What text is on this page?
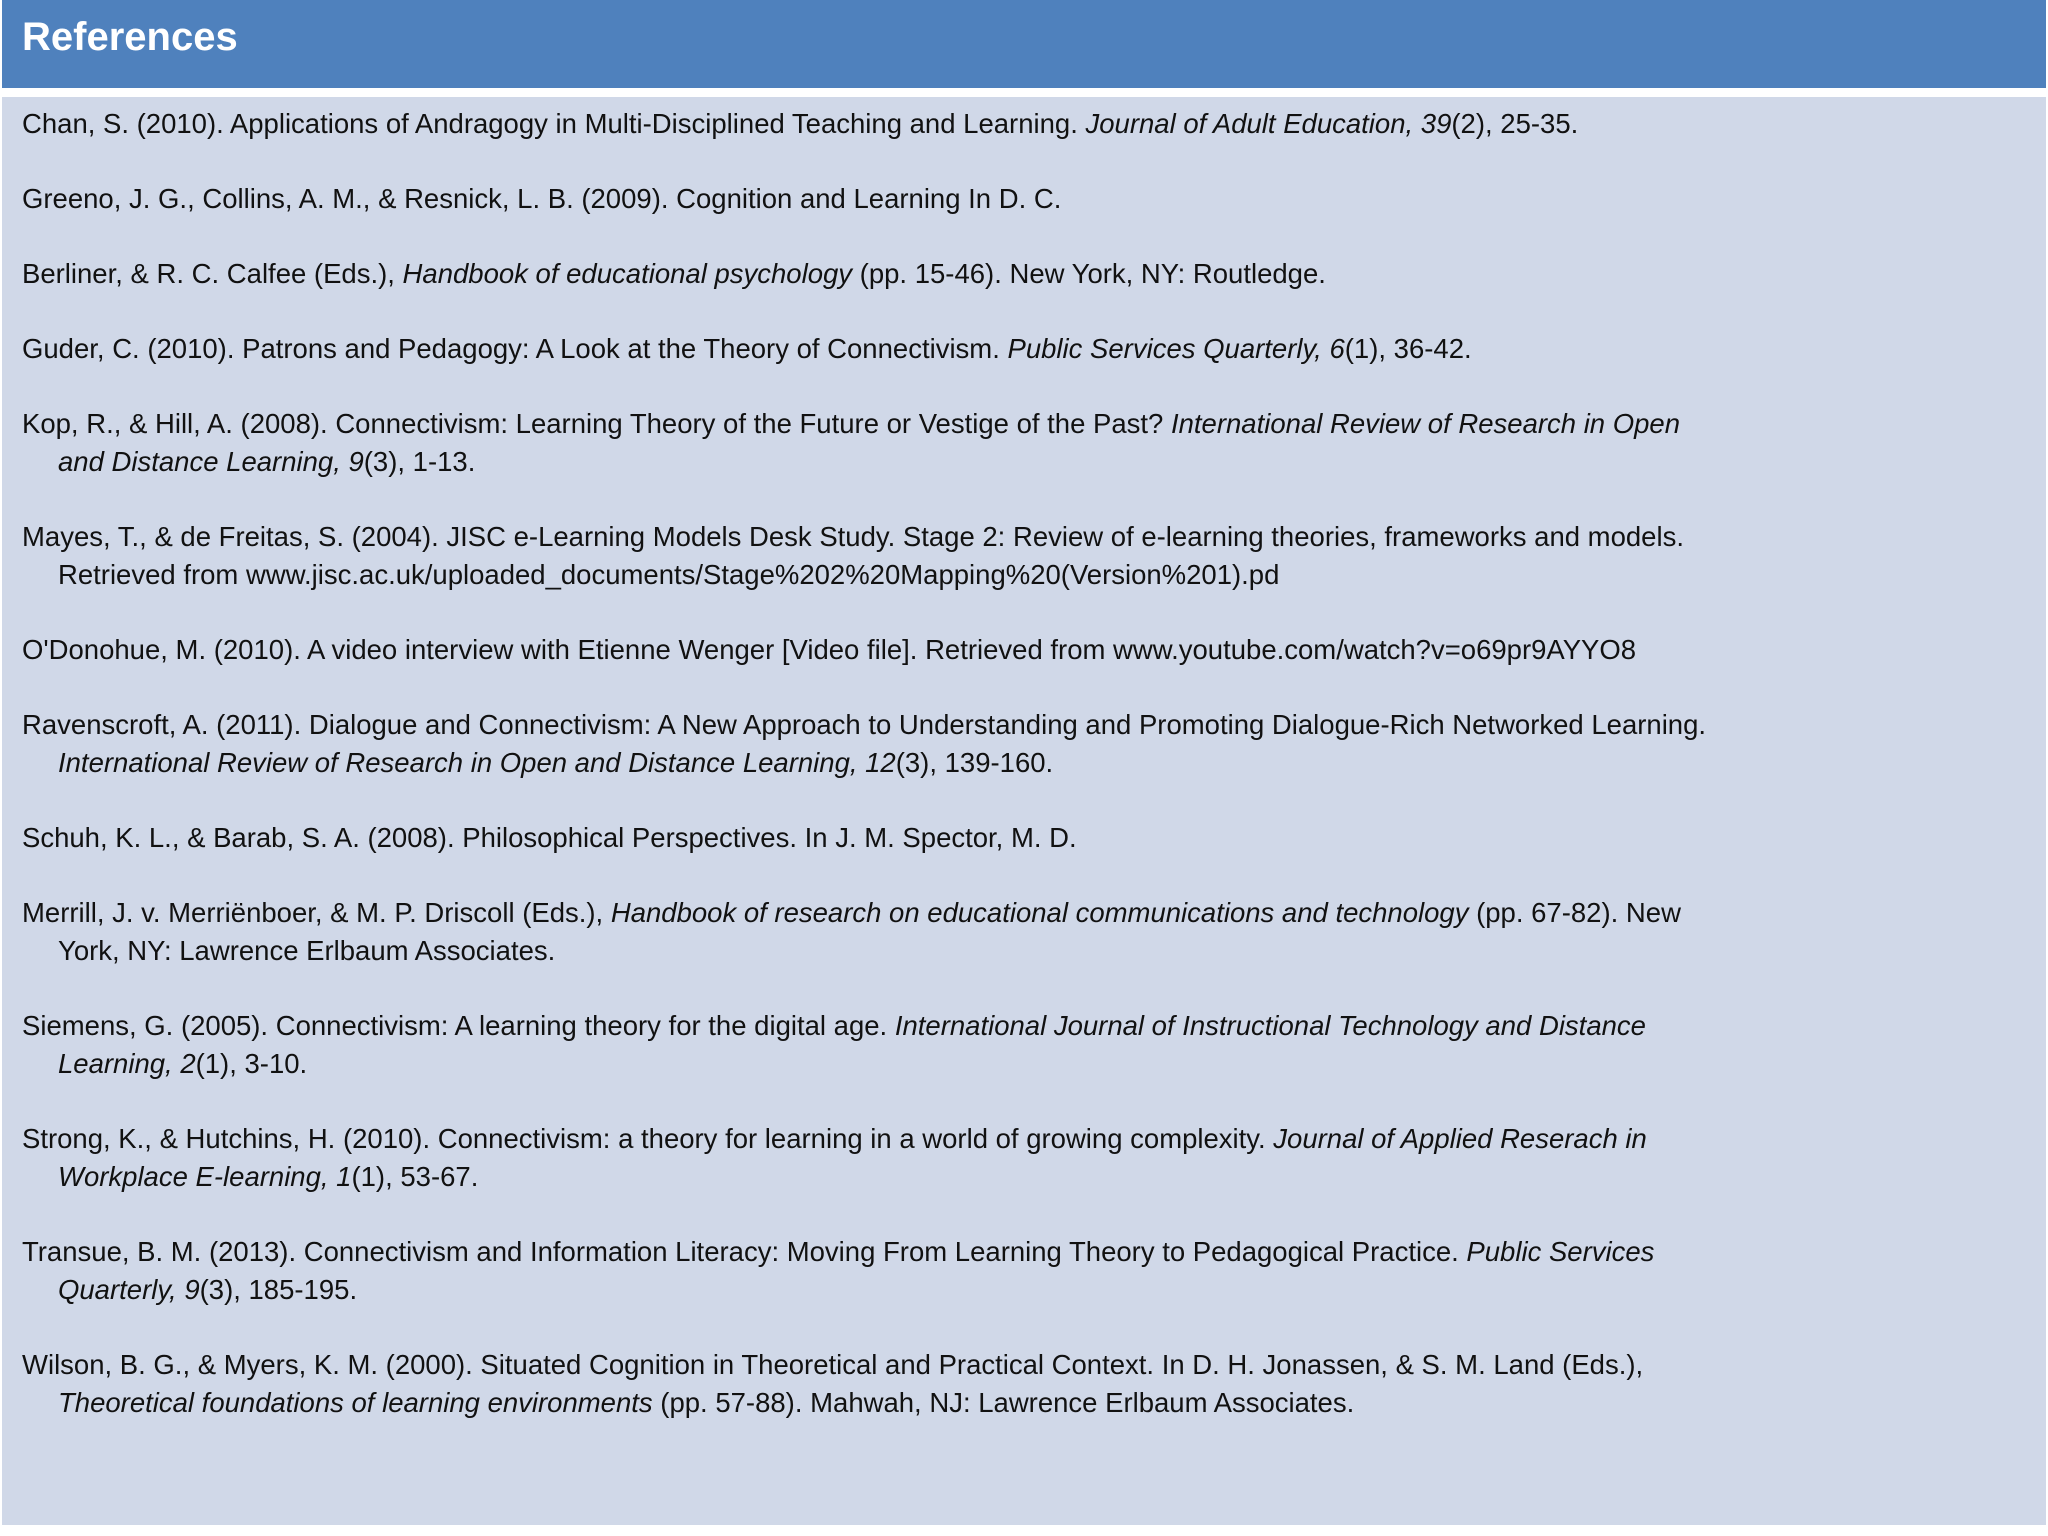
References
Chan, S. (2010). Applications of Andragogy in Multi-Disciplined Teaching and Learning. Journal of Adult Education, 39(2), 25-35.
Greeno, J. G., Collins, A. M., & Resnick, L. B. (2009). Cognition and Learning In D. C.
Berliner, & R. C. Calfee (Eds.), Handbook of educational psychology (pp. 15-46). New York, NY: Routledge.
Guder, C. (2010). Patrons and Pedagogy: A Look at the Theory of Connectivism. Public Services Quarterly, 6(1), 36-42.
Kop, R., & Hill, A. (2008). Connectivism: Learning Theory of the Future or Vestige of the Past? International Review of Research in Open
and Distance Learning, 9(3), 1-13.
Mayes, T., & de Freitas, S. (2004). JISC e-Learning Models Desk Study. Stage 2: Review of e-learning theories, frameworks and models.
Retrieved from www.jisc.ac.uk/uploaded_documents/Stage%202%20Mapping%20(Version%201).pd
O'Donohue, M. (2010). A video interview with Etienne Wenger [Video file]. Retrieved from www.youtube.com/watch?v=o69pr9AYYO8
Ravenscroft, A. (2011). Dialogue and Connectivism: A New Approach to Understanding and Promoting Dialogue-Rich Networked Learning.
International Review of Research in Open and Distance Learning, 12(3), 139-160.
Schuh, K. L., & Barab, S. A. (2008). Philosophical Perspectives. In J. M. Spector, M. D.
Merrill, J. v. Merriënboer, & M. P. Driscoll (Eds.), Handbook of research on educational communications and technology (pp. 67-82). New
York, NY: Lawrence Erlbaum Associates.
Siemens, G. (2005). Connectivism: A learning theory for the digital age. International Journal of Instructional Technology and Distance
Learning, 2(1), 3-10.
Strong, K., & Hutchins, H. (2010). Connectivism: a theory for learning in a world of growing complexity. Journal of Applied Reserach in
Workplace E-learning, 1(1), 53-67.
Transue, B. M. (2013). Connectivism and Information Literacy: Moving From Learning Theory to Pedagogical Practice. Public Services
Quarterly, 9(3), 185-195.
Wilson, B. G., & Myers, K. M. (2000). Situated Cognition in Theoretical and Practical Context. In D. H. Jonassen, & S. M. Land (Eds.),
Theoretical foundations of learning environments (pp. 57-88). Mahwah, NJ: Lawrence Erlbaum Associates.
